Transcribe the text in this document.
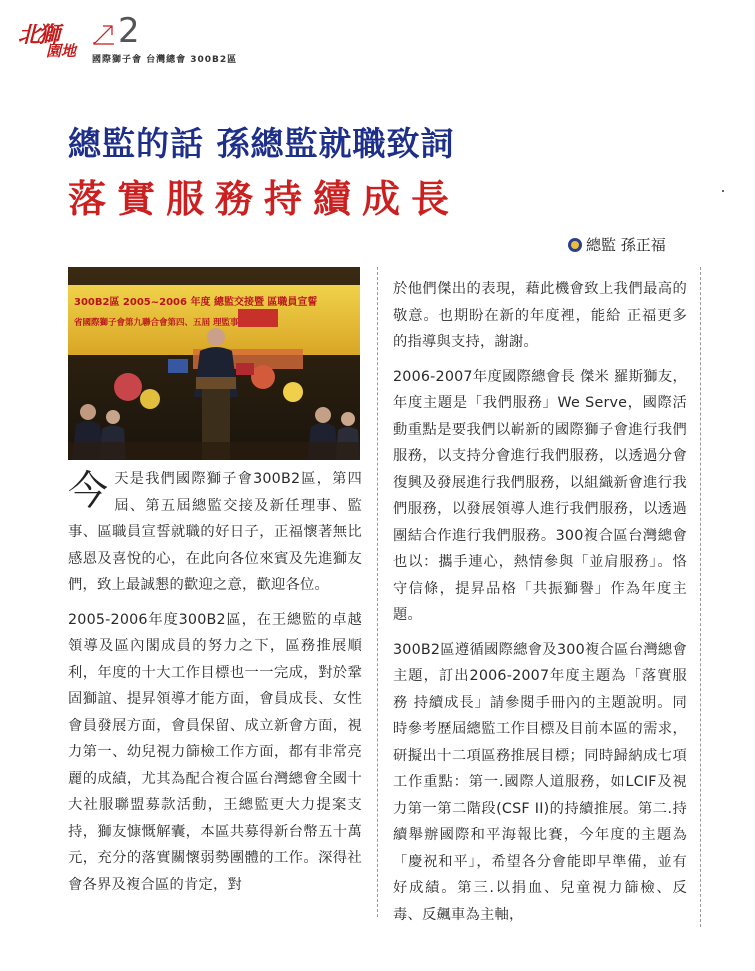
北獅
園地 2
國際獅子會 台灣總會 300B2區
總監的話 孫總監就職致詞
落實服務持續成長
總監 孫正福
300B2區 2005~2006 年度 總監交接暨 區職員宣誓
省國際獅子會第九聯合會第四、五屆 理監事

今 天是我們國際獅子會300B2區，第四屆、第五屆總監交接及新任理事、監事、區職員宣誓就職的好日子，正福懷著無比感恩及喜悅的心，在此向各位來賓及先進獅友們，致上最誠懇的歡迎之意，歡迎各位。

2005-2006年度300B2區，在王總監的卓越領導及區內閣成員的努力之下，區務推展順利，年度的十大工作目標也一一完成，對於鞏固獅誼、提昇領導才能方面，會員成長、女性會員發展方面，會員保留、成立新會方面，視力第一、幼兒視力篩檢工作方面，都有非常亮麗的成績，尤其為配合複合區台灣總會全國十大社服聯盟募款活動，王總監更大力提案支持，獅友慷慨解囊，本區共募得新台幣五十萬元，充分的落實關懷弱勢團體的工作。深得社會各界及複合區的肯定，對

於他們傑出的表現，藉此機會致上我們最高的敬意。也期盼在新的年度裡，能給 正福更多的指導與支持，謝謝。

2006-2007年度國際總會長 傑米 羅斯獅友，年度主題是「我們服務」We Serve，國際活動重點是要我們以嶄新的國際獅子會進行我們服務，以支持分會進行我們服務，以透過分會復興及發展進行我們服務，以組織新會進行我們服務，以發展領導人進行我們服務，以透過團結合作進行我們服務。300複合區台灣總會也以：攜手連心，熱情參與「並肩服務」。恪守信條，提昇品格「共振獅譽」作為年度主題。

300B2區遵循國際總會及300複合區台灣總會主題，訂出2006-2007年度主題為「落實服務 持續成長」請參閱手冊內的主題說明。同時參考歷屆總監工作目標及目前本區的需求，研擬出十二項區務推展目標；同時歸納成七項工作重點：第一.國際人道服務，如LCIF及視力第一第二階段(CSF II)的持續推展。第二.持續舉辦國際和平海報比賽，今年度的主題為「慶祝和平」，希望各分會能即早準備，並有好成績。第三.以捐血、兒童視力篩檢、反毒、反飆車為主軸，
